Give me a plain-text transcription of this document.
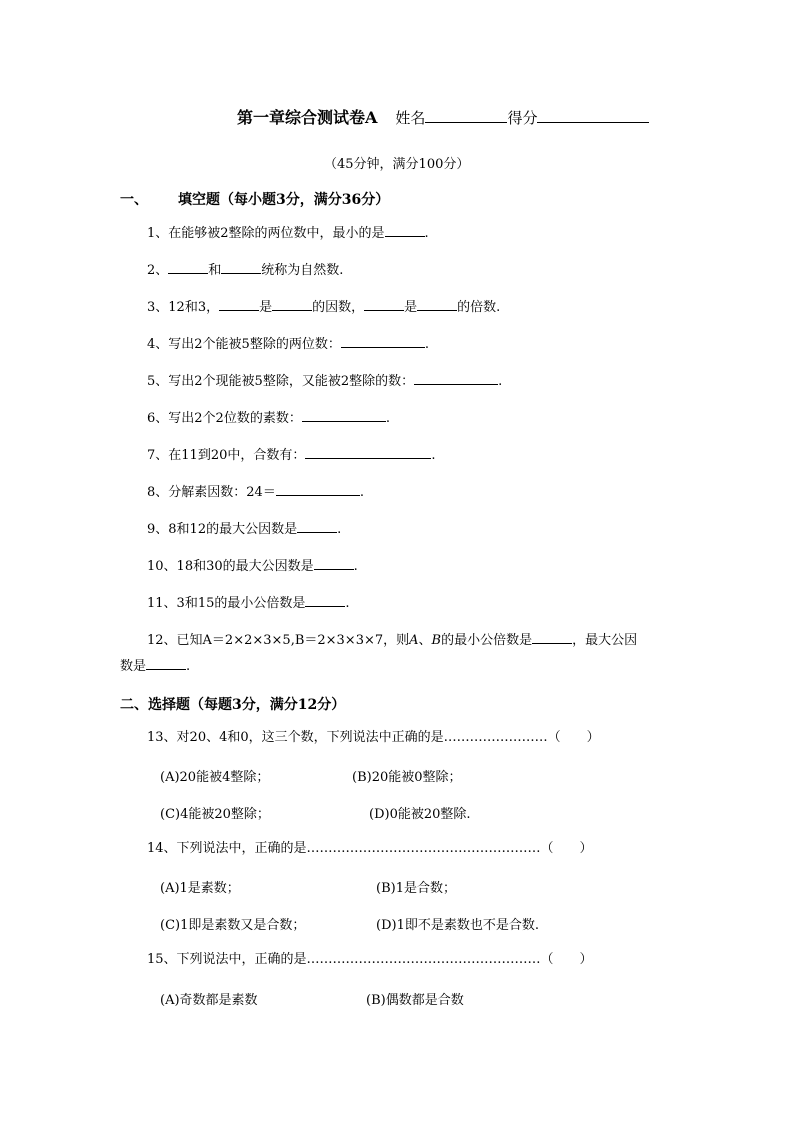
第一章综合测试卷A 姓名	得分
（45分钟，满分100分）
一、 填空题（每小题3分，满分36分）
1、在能够被2整除的两位数中，最小的是	.
2、	和	统称为自然数.
3、12和3，	是	的因数，	是	的倍数.
4、写出2个能被5整除的两位数：	.
5、写出2个现能被5整除，又能被2整除的数：	.
6、写出2个2位数的素数：	.
7、在11到20中，合数有：	.
8、分解素因数：24＝	.
9、8和12的最大公因数是	.
10、18和30的最大公因数是	.
11、3和15的最小公倍数是	.
12、已知A＝2×2×3×5,B＝2×3×3×7，则A、B的最小公倍数是	，最大公因
数是	.
二、选择题（每题3分，满分12分）
13、对20、4和0，这三个数，下列说法中正确的是……………………（　　）
(A)20能被4整除；	(B)20能被0整除；
(C)4能被20整除；	(D)0能被20整除.
14、下列说法中，正确的是………………………………………………（　　）
(A)1是素数；	(B)1是合数；
(C)1即是素数又是合数；	(D)1即不是素数也不是合数.
15、下列说法中，正确的是………………………………………………（　　）
(A)奇数都是素数	(B)偶数都是合数
